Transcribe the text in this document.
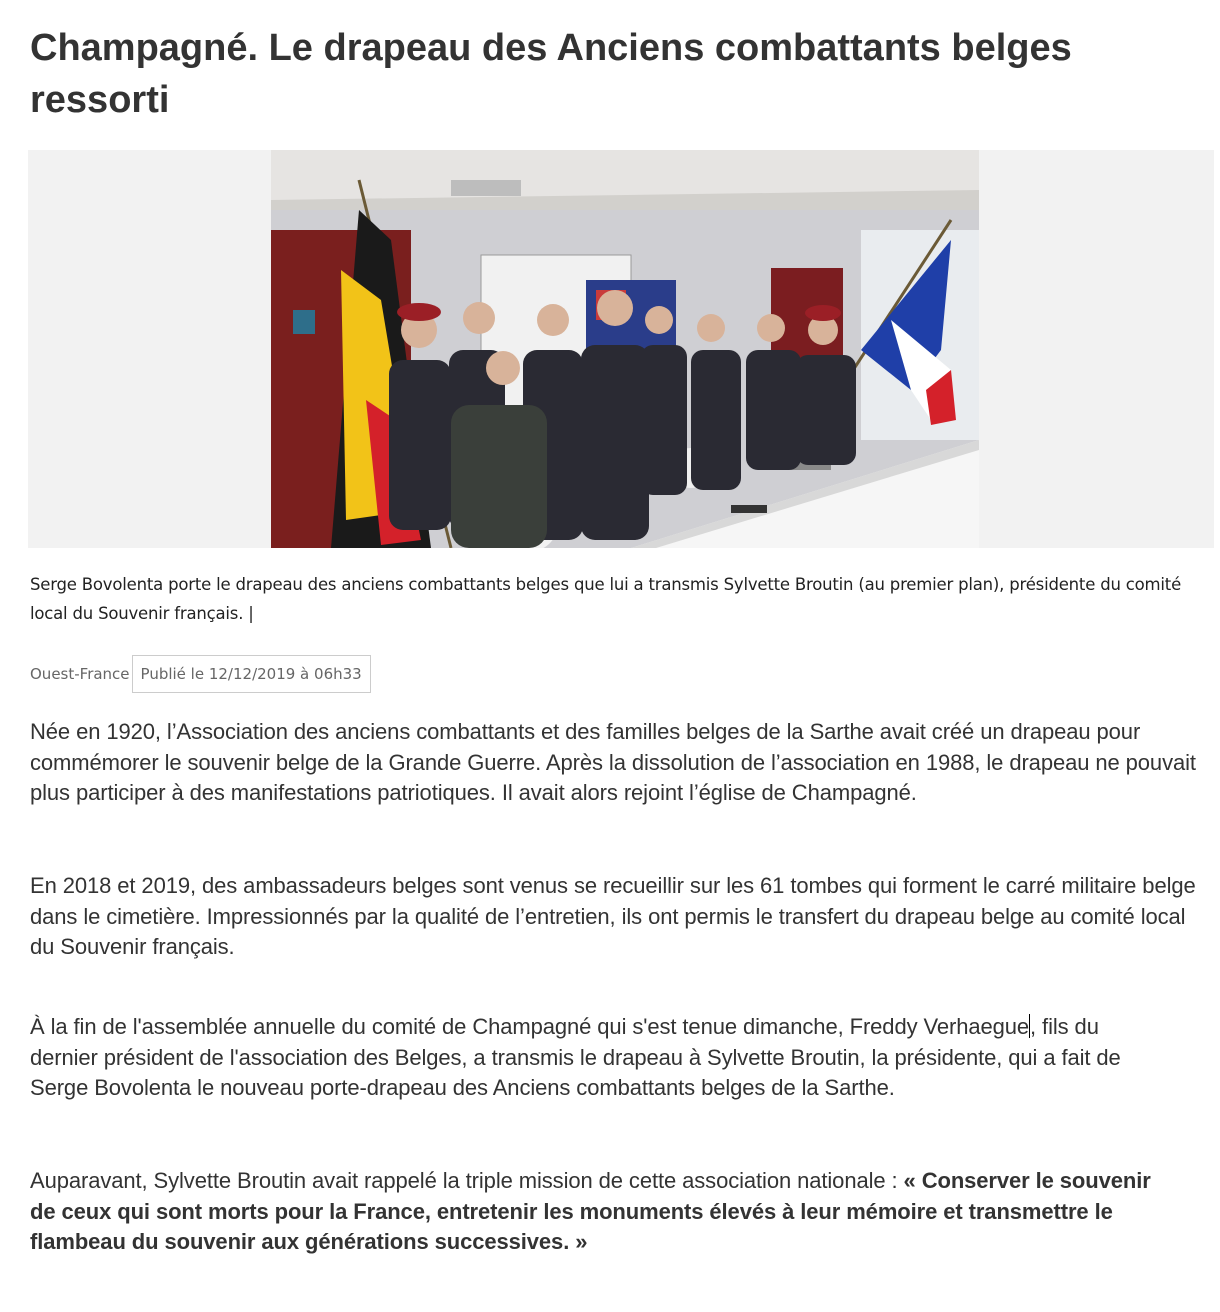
Champagné. Le drapeau des Anciens combattants belges ressorti

Serge Bovolenta porte le drapeau des anciens combattants belges que lui a transmis Sylvette Broutin (au premier plan), présidente du comité local du Souvenir français. |

Ouest-France Publié le 12/12/2019 à 06h33

Née en 1920, l’Association des anciens combattants et des familles belges de la Sarthe avait créé un drapeau pour commémorer le souvenir belge de la Grande Guerre. Après la dissolution de l’association en 1988, le drapeau ne pouvait plus participer à des manifestations patriotiques. Il avait alors rejoint l’église de Champagné.

En 2018 et 2019, des ambassadeurs belges sont venus se recueillir sur les 61 tombes qui forment le carré militaire belge dans le cimetière. Impressionnés par la qualité de l’entretien, ils ont permis le transfert du drapeau belge au comité local du Souvenir français.

À la fin de l'assemblée annuelle du comité de Champagné qui s'est tenue dimanche, Freddy Verhaegue, fils du dernier président de l'association des Belges, a transmis le drapeau à Sylvette Broutin, la présidente, qui a fait de Serge Bovolenta le nouveau porte-drapeau des Anciens combattants belges de la Sarthe.

Auparavant, Sylvette Broutin avait rappelé la triple mission de cette association nationale : « Conserver le souvenir de ceux qui sont morts pour la France, entretenir les monuments élevés à leur mémoire et transmettre le flambeau du souvenir aux générations successives. »
